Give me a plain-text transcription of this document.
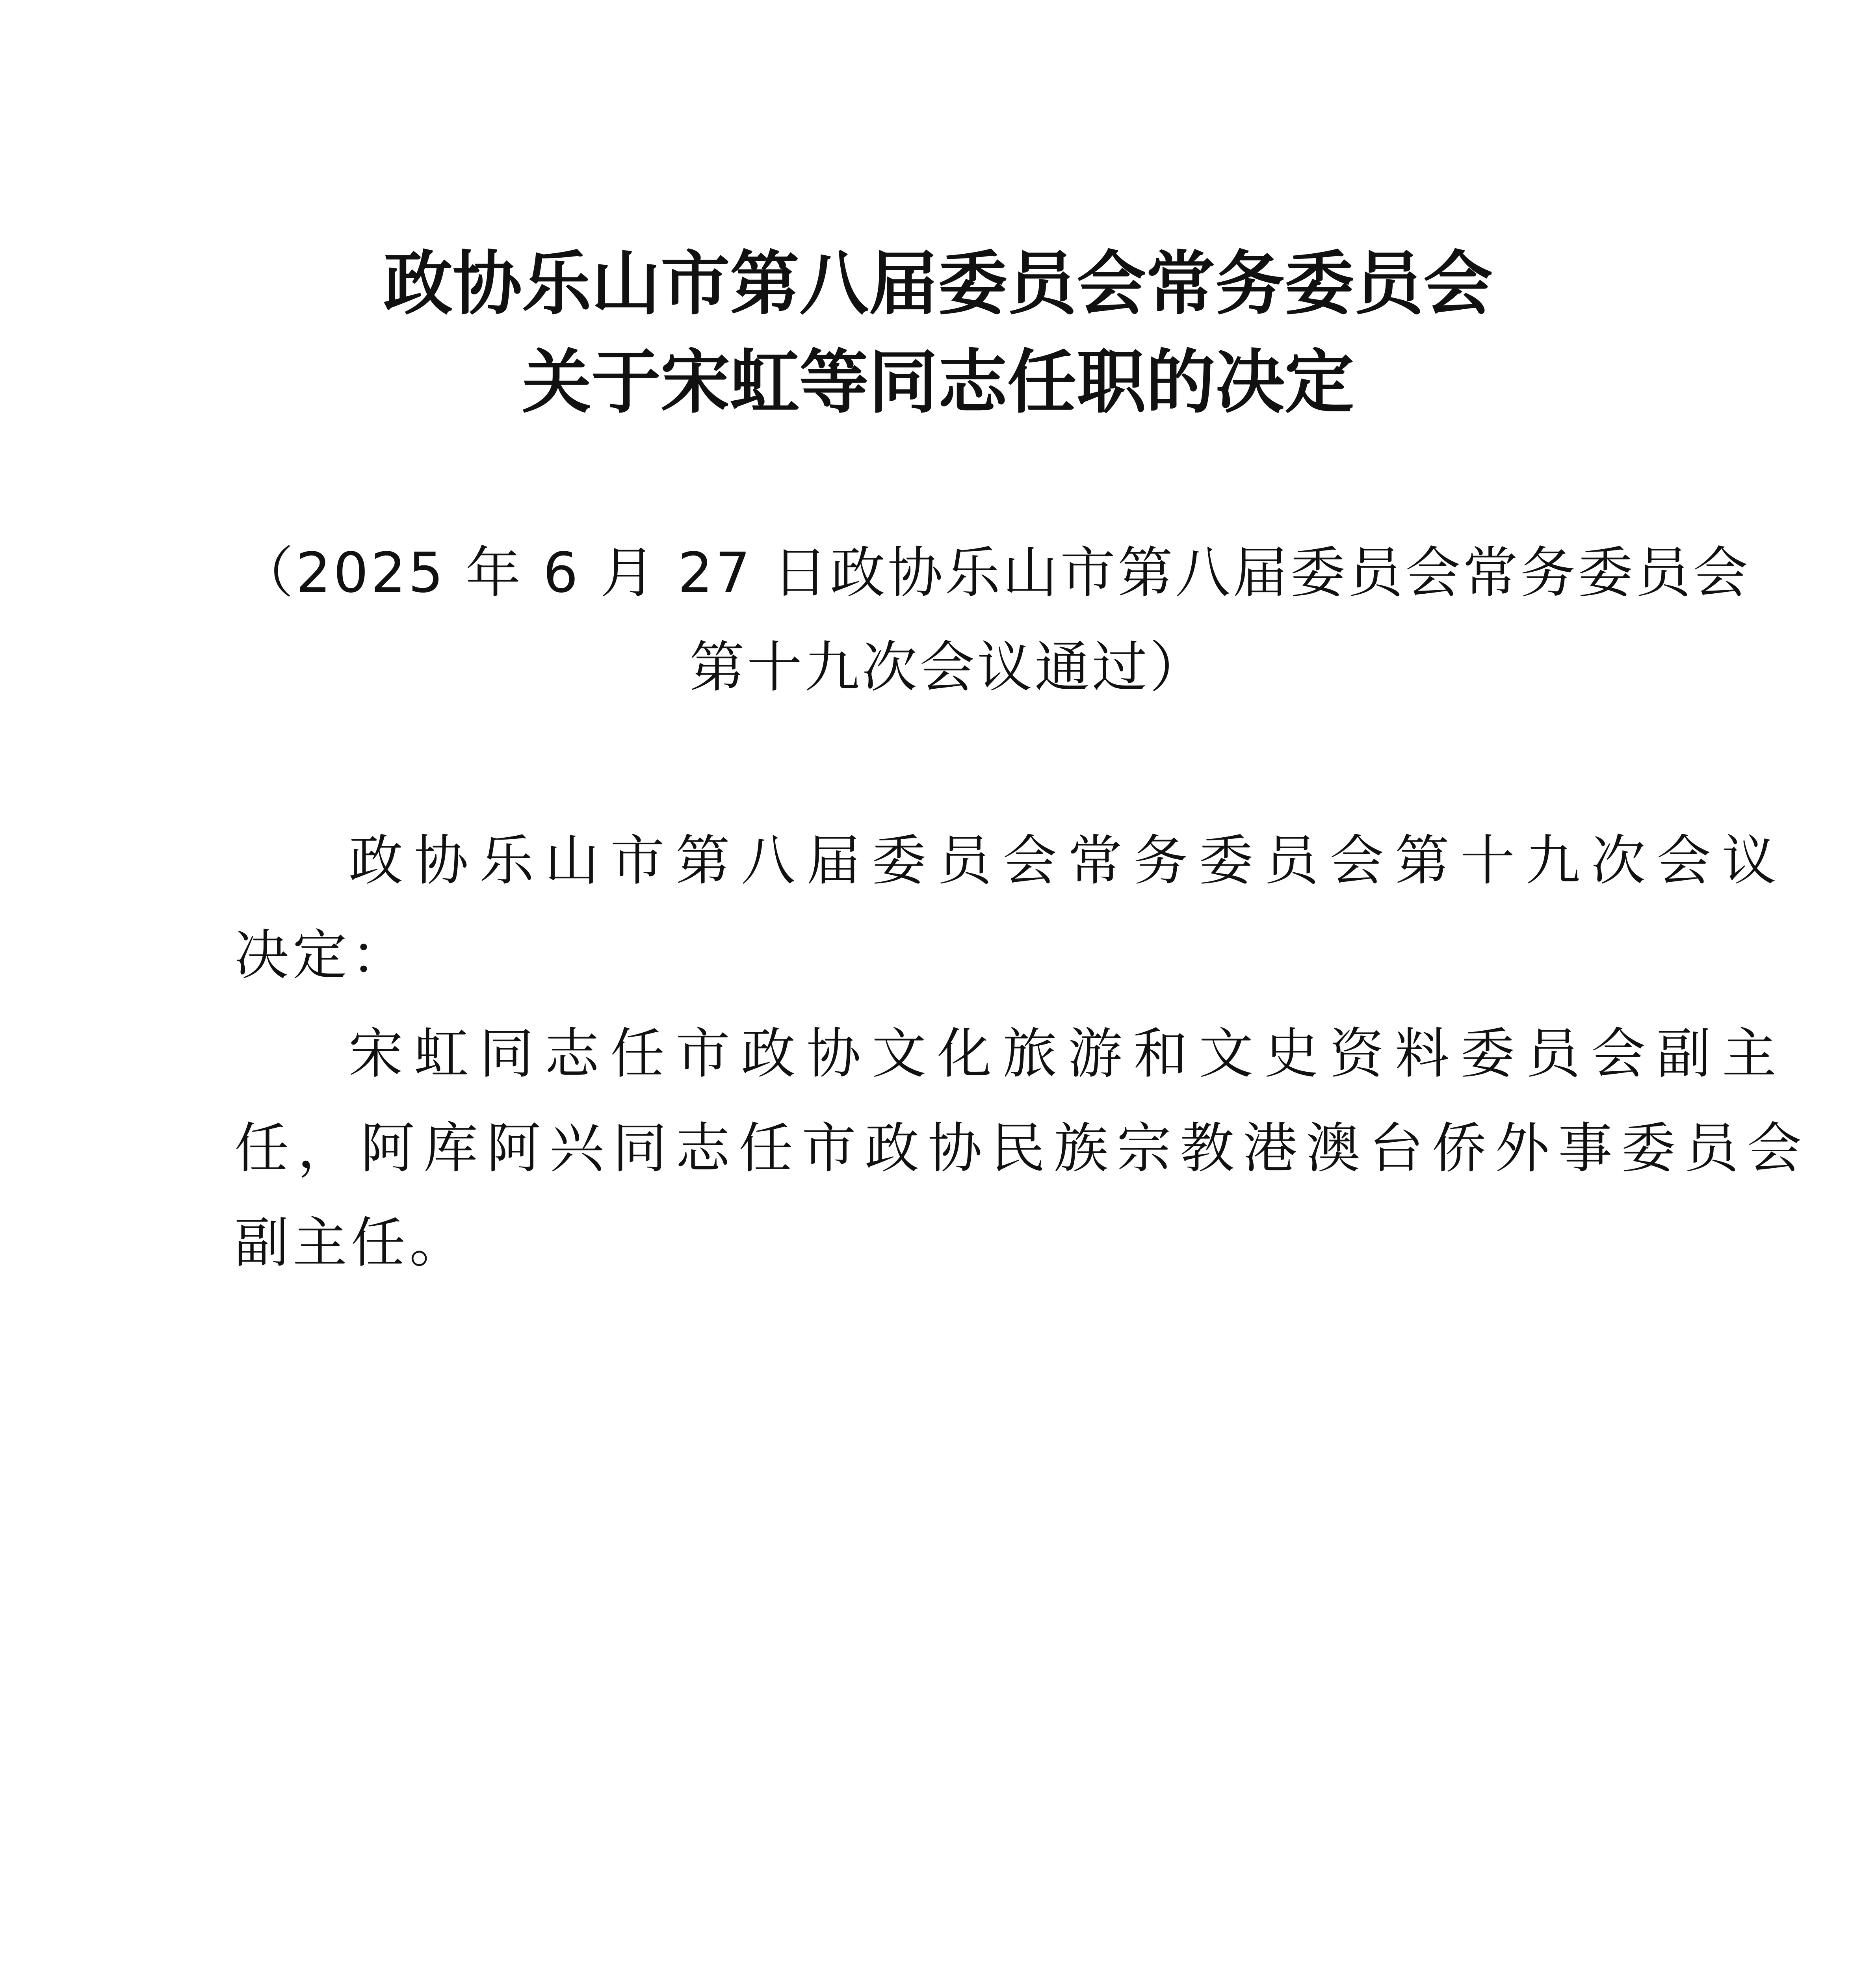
政协乐山市第八届委员会常务委员会
关于宋虹等同志任职的决定
（2025 年 6 月 27 日政协乐山市第八届委员会常务委员会
第十九次会议通过）
政协乐山市第八届委员会常务委员会第十九次会议
决定：
宋虹同志任市政协文化旅游和文史资料委员会副主
任，阿库阿兴同志任市政协民族宗教港澳台侨外事委员会
副主任。
